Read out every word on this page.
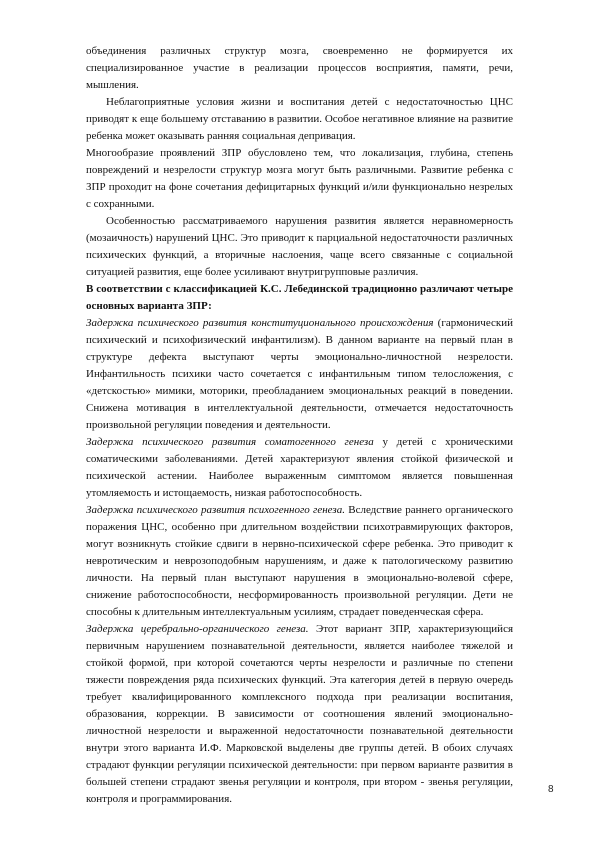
объединения различных структур мозга, своевременно не формируется их специализированное участие в реализации процессов восприятия, памяти, речи, мышления.

Неблагоприятные условия жизни и воспитания детей с недостаточностью ЦНС приводят к еще большему отставанию в развитии. Особое негативное влияние на развитие ребенка может оказывать ранняя социальная депривация.

Многообразие проявлений ЗПР обусловлено тем, что локализация, глубина, степень повреждений и незрелости структур мозга могут быть различными. Развитие ребенка с ЗПР проходит на фоне сочетания дефицитарных функций и/или функционально незрелых с сохранными.

Особенностью рассматриваемого нарушения развития является неравномерность (мозаичность) нарушений ЦНС. Это приводит к парциальной недостаточности различных психических функций, а вторичные наслоения, чаще всего связанные с социальной ситуацией развития, еще более усиливают внутригрупповые различия.

В соответствии с классификацией К.С. Лебединской традиционно различают четыре основных варианта ЗПР:

Задержка психического развития конституционального происхождения (гармонический психический и психофизический инфантилизм). В данном варианте на первый план в структуре дефекта выступают черты эмоционально-личностной незрелости. Инфантильность психики часто сочетается с инфантильным типом телосложения, с «детскостью» мимики, моторики, преобладанием эмоциональных реакций в поведении. Снижена мотивация в интеллектуальной деятельности, отмечается недостаточность произвольной регуляции поведения и деятельности.

Задержка психического развития соматогенного генеза у детей с хроническими соматическими заболеваниями. Детей характеризуют явления стойкой физической и психической астении. Наиболее выраженным симптомом является повышенная утомляемость и истощаемость, низкая работоспособность.

Задержка психического развития психогенного генеза. Вследствие раннего органического поражения ЦНС, особенно при длительном воздействии психотравмирующих факторов, могут возникнуть стойкие сдвиги в нервно-психической сфере ребенка. Это приводит к невротическим и неврозоподобным нарушениям, и даже к патологическому развитию личности. На первый план выступают нарушения в эмоционально-волевой сфере, снижение работоспособности, несформированность произвольной регуляции. Дети не способны к длительным интеллектуальным усилиям, страдает поведенческая сфера.

Задержка церебрально-органического генеза. Этот вариант ЗПР, характеризующийся первичным нарушением познавательной деятельности, является наиболее тяжелой и стойкой формой, при которой сочетаются черты незрелости и различные по степени тяжести повреждения ряда психических функций. Эта категория детей в первую очередь требует квалифицированного комплексного подхода при реализации воспитания, образования, коррекции. В зависимости от соотношения явлений эмоционально-личностной незрелости и выраженной недостаточности познавательной деятельности внутри этого варианта И.Ф. Марковской выделены две группы детей. В обоих случаях страдают функции регуляции психической деятельности: при первом варианте развития в большей степени страдают звенья регуляции и контроля, при втором - звенья регуляции, контроля и программирования.

8
